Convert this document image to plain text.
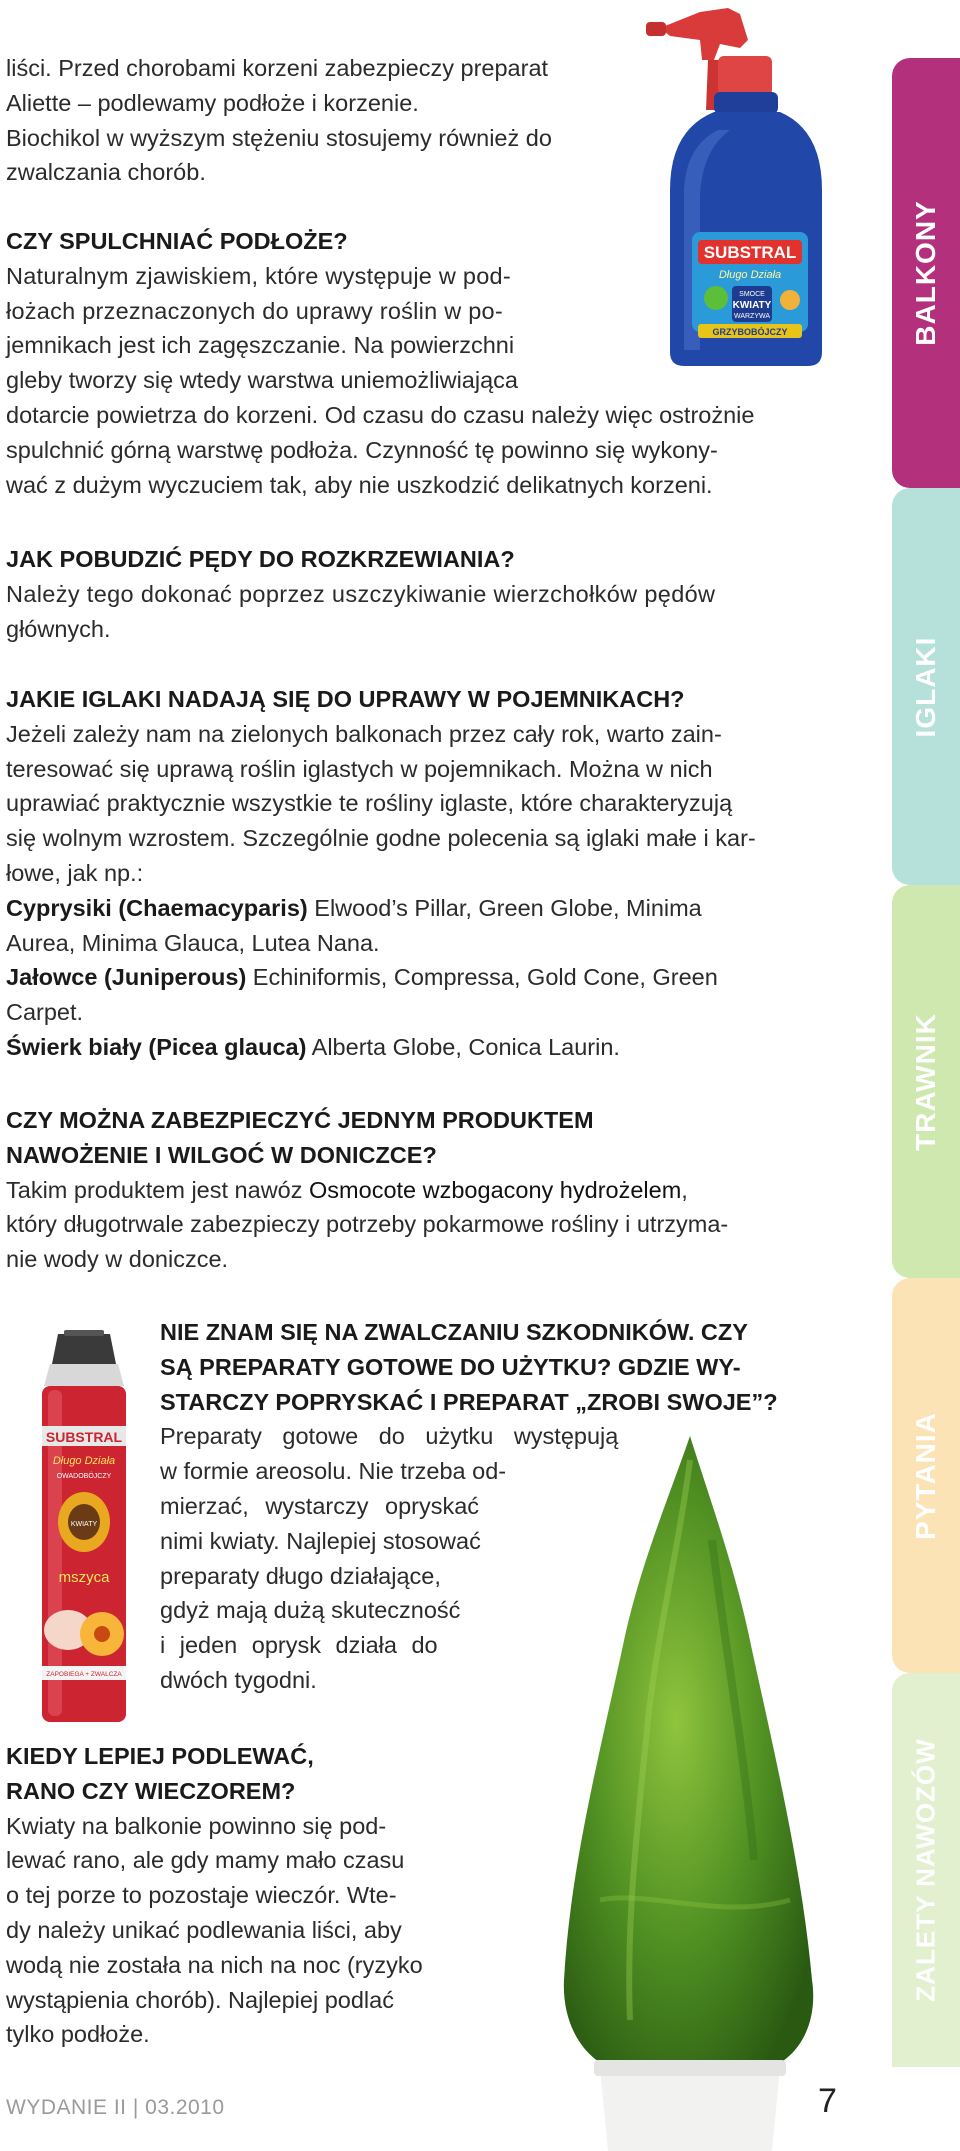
liści. Przed chorobami korzeni zabezpieczy preparat
Aliette – podlewamy podłoże i korzenie.
Biochikol w wyższym stężeniu stosujemy również do
zwalczania chorób.
CZY SPULCHNIAĆ PODŁOŻE?
Naturalnym zjawiskiem, które występuje w pod-
łożach przeznaczonych do uprawy roślin w po-
jemnikach jest ich zagęszczanie. Na powierzchni
gleby tworzy się wtedy warstwa uniemożliwiająca
dotarcie powietrza do korzeni. Od czasu do czasu należy więc ostrożnie
spulchnić górną warstwę podłoża. Czynność tę powinno się wykony-
wać z dużym wyczuciem tak, aby nie uszkodzić delikatnych korzeni.
JAK POBUDZIĆ PĘDY DO ROZKRZEWIANIA?
Należy tego dokonać poprzez uszczykiwanie wierzchołków pędów
głównych.
JAKIE IGLAKI NADAJĄ SIĘ DO UPRAWY W POJEMNIKACH?
Jeżeli zależy nam na zielonych balkonach przez cały rok, warto zain-
teresować się uprawą roślin iglastych w pojemnikach. Można w nich
uprawiać praktycznie wszystkie te rośliny iglaste, które charakteryzują
się wolnym wzrostem. Szczególnie godne polecenia są iglaki małe i kar-
łowe, jak np.:
Cyprysiki (Chaemacyparis) Elwood’s Pillar, Green Globe, Minima
Aurea, Minima Glauca, Lutea Nana.
Jałowce (Juniperous) Echiniformis, Compressa, Gold Cone, Green
Carpet.
Świerk biały (Picea glauca) Alberta Globe, Conica Laurin.
CZY MOŻNA ZABEZPIECZYĆ JEDNYM PRODUKTEM
NAWOŻENIE I WILGOĆ W DONICZCE?
Takim produktem jest nawóz Osmocote wzbogacony hydrożelem,
który długotrwale zabezpieczy potrzeby pokarmowe rośliny i utrzyma-
nie wody w doniczce.
NIE ZNAM SIĘ NA ZWALCZANIU SZKODNIKÓW. CZY
SĄ PREPARATY GOTOWE DO UŻYTKU? GDZIE WY-
STARCZY POPRYSKAĆ I PREPARAT „ZROBI SWOJE”?
Preparaty gotowe do użytku występują
w formie areosolu. Nie trzeba od-
mierzać, wystarczy opryskać
nimi kwiaty. Najlepiej stosować
preparaty długo działające,
gdyż mają dużą skuteczność
i jeden oprysk działa do
dwóch tygodni.
KIEDY LEPIEJ PODLEWAĆ,
RANO CZY WIECZOREM?
Kwiaty na balkonie powinno się pod-
lewać rano, ale gdy mamy mało czasu
o tej porze to pozostaje wieczór. Wte-
dy należy unikać podlewania liści, aby
wodą nie została na nich na noc (ryzyko
wystąpienia chorób). Najlepiej podlać
tylko podłoże.
SUBSTRAL
Długo Działa
SMOCE
KWIATY
WARZYWA
GRZYBOBÓJCZY
SUBSTRAL
Długo Działa
OWADOBÓJCZY
KWIATY
mszyca
ZAPOBIEGA + ZWALCZA
BALKONY
IGLAKI
TRAWNIK
PYTANIA
ZALETY NAWOZÓW
WYDANIE II | 03.2010	7
